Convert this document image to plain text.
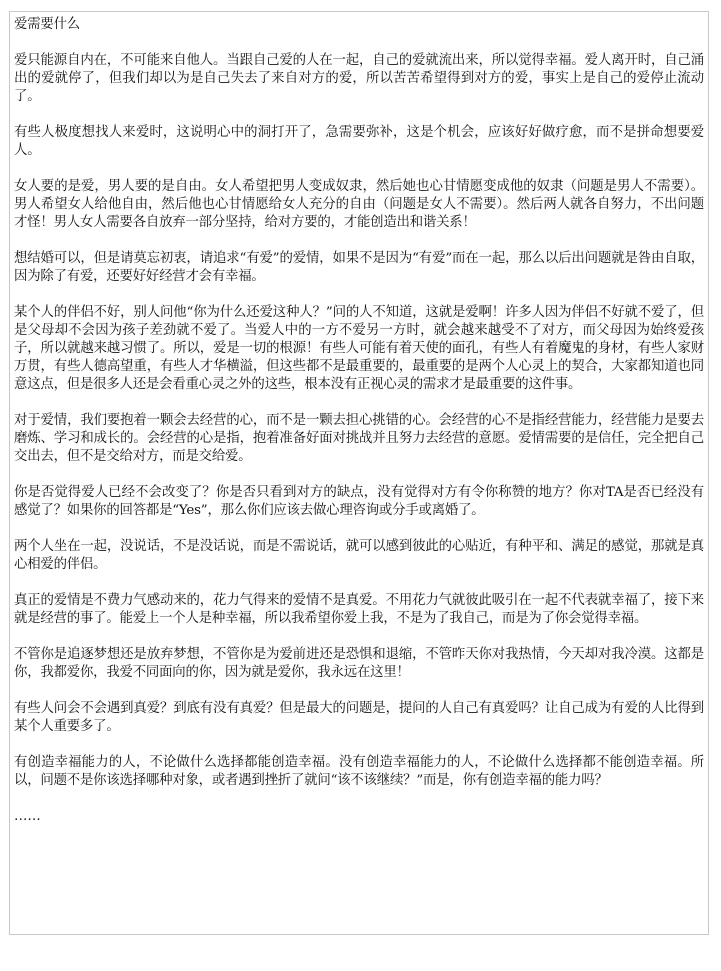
爱需要什么

爱只能源自内在，不可能来自他人。当跟自己爱的人在一起，自己的爱就流出来，所以觉得幸福。爱人离开时，自己涌出的爱就停了，但我们却以为是自己失去了来自对方的爱，所以苦苦希望得到对方的爱，事实上是自己的爱停止流动了。

有些人极度想找人来爱时，这说明心中的洞打开了，急需要弥补，这是个机会，应该好好做疗愈，而不是拼命想要爱人。

女人要的是爱，男人要的是自由。女人希望把男人变成奴隶，然后她也心甘情愿变成他的奴隶（问题是男人不需要）。男人希望女人给他自由，然后他也心甘情愿给女人充分的自由（问题是女人不需要）。然后两人就各自努力，不出问题才怪！男人女人需要各自放弃一部分坚持，给对方要的，才能创造出和谐关系！

想结婚可以，但是请莫忘初衷，请追求“有爱”的爱情，如果不是因为“有爱”而在一起，那么以后出问题就是咎由自取，因为除了有爱，还要好好经营才会有幸福。

某个人的伴侣不好，别人问他“你为什么还爱这种人？”问的人不知道，这就是爱啊！许多人因为伴侣不好就不爱了，但是父母却不会因为孩子差劲就不爱了。当爱人中的一方不爱另一方时，就会越来越受不了对方，而父母因为始终爱孩子，所以就越来越习惯了。所以，爱是一切的根源！有些人可能有着天使的面孔，有些人有着魔鬼的身材，有些人家财万贯，有些人德高望重，有些人才华横溢，但这些都不是最重要的，最重要的是两个人心灵上的契合，大家都知道也同意这点，但是很多人还是会看重心灵之外的这些，根本没有正视心灵的需求才是最重要的这件事。

对于爱情，我们要抱着一颗会去经营的心，而不是一颗去担心挑错的心。会经营的心不是指经营能力，经营能力是要去磨炼、学习和成长的。会经营的心是指，抱着准备好面对挑战并且努力去经营的意愿。爱情需要的是信任，完全把自己交出去，但不是交给对方，而是交给爱。

你是否觉得爱人已经不会改变了？你是否只看到对方的缺点，没有觉得对方有令你称赞的地方？你对TA是否已经没有感觉了？如果你的回答都是“Yes”，那么你们应该去做心理咨询或分手或离婚了。

两个人坐在一起，没说话，不是没话说，而是不需说话，就可以感到彼此的心贴近，有种平和、满足的感觉，那就是真心相爱的伴侣。

真正的爱情是不费力气感动来的，花力气得来的爱情不是真爱。不用花力气就彼此吸引在一起不代表就幸福了，接下来就是经营的事了。能爱上一个人是种幸福，所以我希望你爱上我，不是为了我自己，而是为了你会觉得幸福。

不管你是追逐梦想还是放弃梦想，不管你是为爱前进还是恐惧和退缩，不管昨天你对我热情，今天却对我冷漠。这都是你，我都爱你，我爱不同面向的你，因为就是爱你，我永远在这里！

有些人问会不会遇到真爱？到底有没有真爱？但是最大的问题是，提问的人自己有真爱吗？让自己成为有爱的人比得到某个人重要多了。

有创造幸福能力的人，不论做什么选择都能创造幸福。没有创造幸福能力的人，不论做什么选择都不能创造幸福。所以，问题不是你该选择哪种对象，或者遇到挫折了就问“该不该继续？”而是，你有创造幸福的能力吗？

……
